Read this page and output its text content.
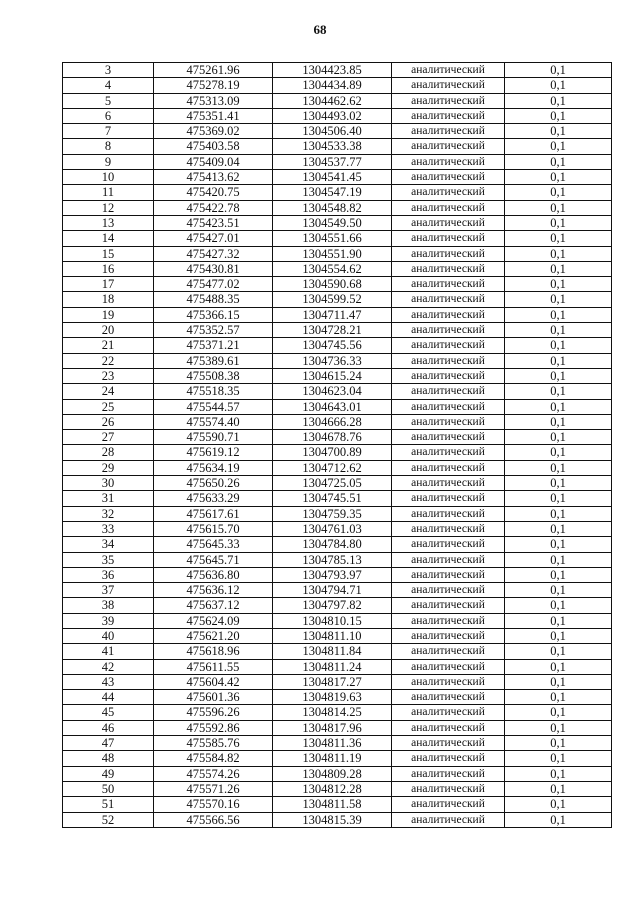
68
3	475261.96	1304423.85	аналитический	0,1
4	475278.19	1304434.89	аналитический	0,1
5	475313.09	1304462.62	аналитический	0,1
6	475351.41	1304493.02	аналитический	0,1
7	475369.02	1304506.40	аналитический	0,1
8	475403.58	1304533.38	аналитический	0,1
9	475409.04	1304537.77	аналитический	0,1
10	475413.62	1304541.45	аналитический	0,1
11	475420.75	1304547.19	аналитический	0,1
12	475422.78	1304548.82	аналитический	0,1
13	475423.51	1304549.50	аналитический	0,1
14	475427.01	1304551.66	аналитический	0,1
15	475427.32	1304551.90	аналитический	0,1
16	475430.81	1304554.62	аналитический	0,1
17	475477.02	1304590.68	аналитический	0,1
18	475488.35	1304599.52	аналитический	0,1
19	475366.15	1304711.47	аналитический	0,1
20	475352.57	1304728.21	аналитический	0,1
21	475371.21	1304745.56	аналитический	0,1
22	475389.61	1304736.33	аналитический	0,1
23	475508.38	1304615.24	аналитический	0,1
24	475518.35	1304623.04	аналитический	0,1
25	475544.57	1304643.01	аналитический	0,1
26	475574.40	1304666.28	аналитический	0,1
27	475590.71	1304678.76	аналитический	0,1
28	475619.12	1304700.89	аналитический	0,1
29	475634.19	1304712.62	аналитический	0,1
30	475650.26	1304725.05	аналитический	0,1
31	475633.29	1304745.51	аналитический	0,1
32	475617.61	1304759.35	аналитический	0,1
33	475615.70	1304761.03	аналитический	0,1
34	475645.33	1304784.80	аналитический	0,1
35	475645.71	1304785.13	аналитический	0,1
36	475636.80	1304793.97	аналитический	0,1
37	475636.12	1304794.71	аналитический	0,1
38	475637.12	1304797.82	аналитический	0,1
39	475624.09	1304810.15	аналитический	0,1
40	475621.20	1304811.10	аналитический	0,1
41	475618.96	1304811.84	аналитический	0,1
42	475611.55	1304811.24	аналитический	0,1
43	475604.42	1304817.27	аналитический	0,1
44	475601.36	1304819.63	аналитический	0,1
45	475596.26	1304814.25	аналитический	0,1
46	475592.86	1304817.96	аналитический	0,1
47	475585.76	1304811.36	аналитический	0,1
48	475584.82	1304811.19	аналитический	0,1
49	475574.26	1304809.28	аналитический	0,1
50	475571.26	1304812.28	аналитический	0,1
51	475570.16	1304811.58	аналитический	0,1
52	475566.56	1304815.39	аналитический	0,1
